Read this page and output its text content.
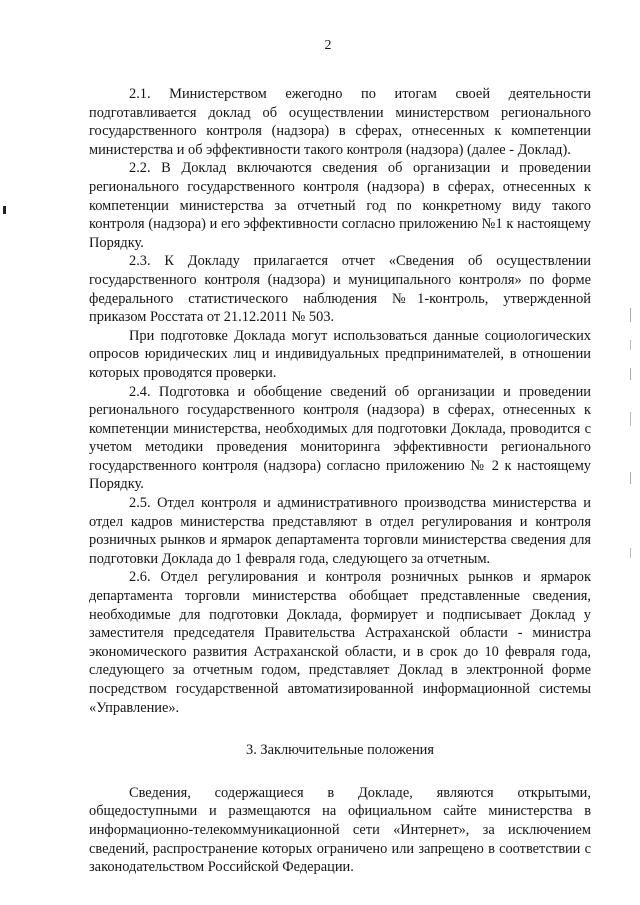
2

2.1. Министерством ежегодно по итогам своей деятельности подготавливается доклад об осуществлении министерством регионального государственного контроля (надзора) в сферах, отнесенных к компетенции министерства и об эффективности такого контроля (надзора) (далее - Доклад).

2.2. В Доклад включаются сведения об организации и проведении регионального государственного контроля (надзора) в сферах, отнесенных к компетенции министерства за отчетный год по конкретному виду такого контроля (надзора) и его эффективности согласно приложению №1 к настоящему Порядку.

2.3. К Докладу прилагается отчет «Сведения об осуществлении государственного контроля (надзора) и муниципального контроля» по форме федерального статистического наблюдения №1-контроль, утвержденной приказом Росстата от 21.12.2011 № 503.

При подготовке Доклада могут использоваться данные социологических опросов юридических лиц и индивидуальных предпринимателей, в отношении которых проводятся проверки.

2.4. Подготовка и обобщение сведений об организации и проведении регионального государственного контроля (надзора) в сферах, отнесенных к компетенции министерства, необходимых для подготовки Доклада, проводится с учетом методики проведения мониторинга эффективности регионального государственного контроля (надзора) согласно приложению № 2 к настоящему Порядку.

2.5. Отдел контроля и административного производства министерства и отдел кадров министерства представляют в отдел регулирования и контроля розничных рынков и ярмарок департамента торговли министерства сведения для подготовки Доклада до 1 февраля года, следующего за отчетным.

2.6. Отдел регулирования и контроля розничных рынков и ярмарок департамента торговли министерства обобщает представленные сведения, необходимые для подготовки Доклада, формирует и подписывает Доклад у заместителя председателя Правительства Астраханской области - министра экономического развития Астраханской области, и в срок до 10 февраля года, следующего за отчетным годом, представляет Доклад в электронной форме посредством государственной автоматизированной информационной системы «Управление».

3. Заключительные положения

Сведения, содержащиеся в Докладе, являются открытыми, общедоступными и размещаются на официальном сайте министерства в информационно-телекоммуникационной сети «Интернет», за исключением сведений, распространение которых ограничено или запрещено в соответствии с законодательством Российской Федерации.
